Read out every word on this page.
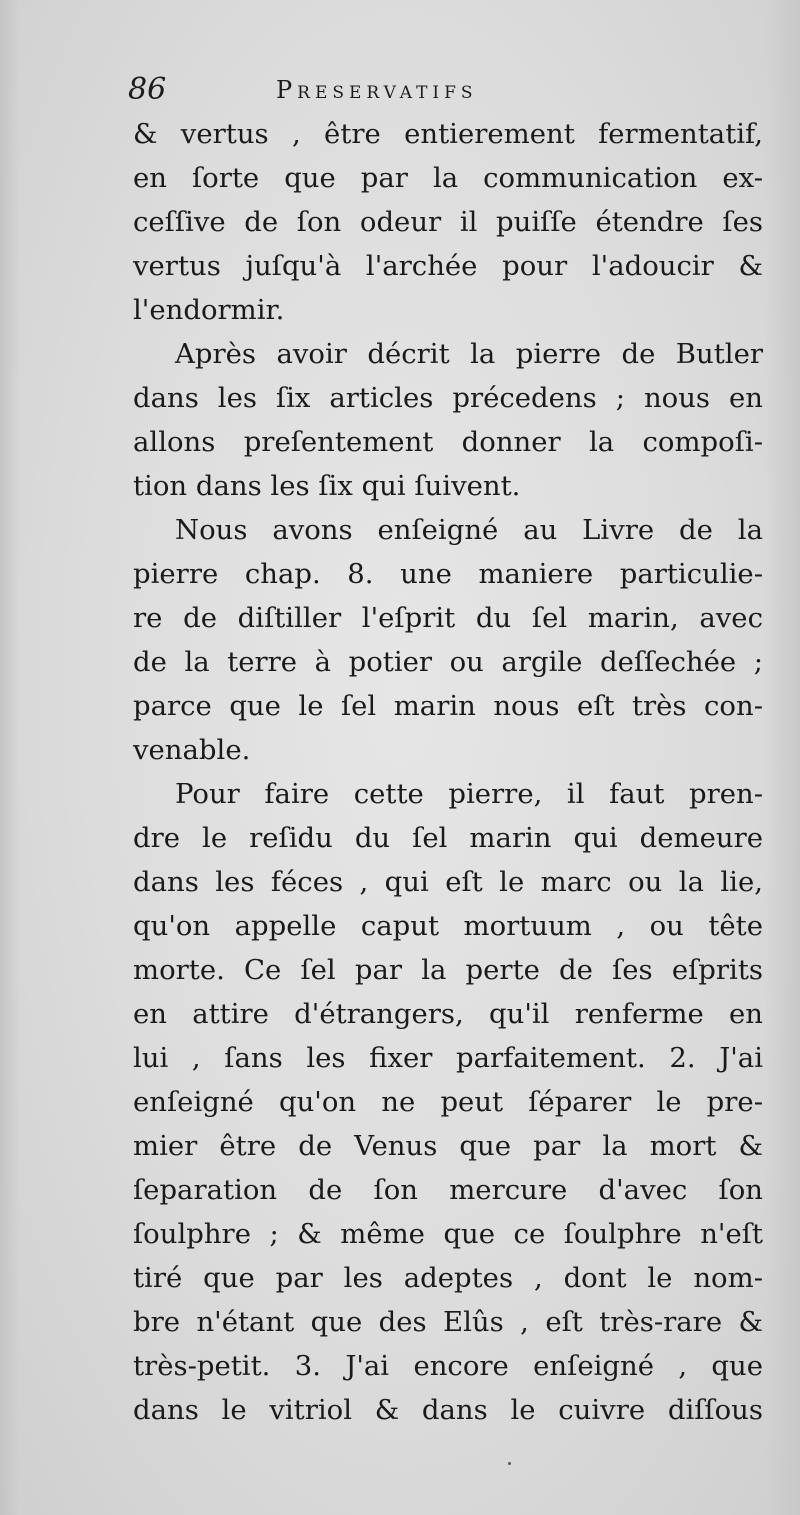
86	Preservatifs
& vertus , être entierement fermentatif,
en ſorte que par la communication ex-
ceſſive de ſon odeur il puiſſe étendre ſes
vertus juſqu'à l'archée pour l'adoucir &
l'endormir.
Après avoir décrit la pierre de Butler
dans les ſix articles précedens ; nous en
allons preſentement donner la compoſi-
tion dans les ſix qui ſuivent.
Nous avons enſeigné au Livre de la
pierre chap. 8. une maniere particulie-
re de diſtiller l'eſprit du ſel marin, avec
de la terre à potier ou argile deſſechée ;
parce que le ſel marin nous eſt très con-
venable.
Pour faire cette pierre, il faut pren-
dre le reſidu du ſel marin qui demeure
dans les féces , qui eſt le marc ou la lie,
qu'on appelle caput mortuum , ou tête
morte. Ce ſel par la perte de ſes eſprits
en attire d'étrangers, qu'il renferme en
lui , ſans les fixer parfaitement. 2. J'ai
enſeigné qu'on ne peut ſéparer le pre-
mier être de Venus que par la mort &
ſeparation de ſon mercure d'avec ſon
ſoulphre ; & même que ce ſoulphre n'eſt
tiré que par les adeptes , dont le nom-
bre n'étant que des Elûs , eſt très-rare &
très-petit. 3. J'ai encore enſeigné , que
dans le vitriol & dans le cuivre diſſous
